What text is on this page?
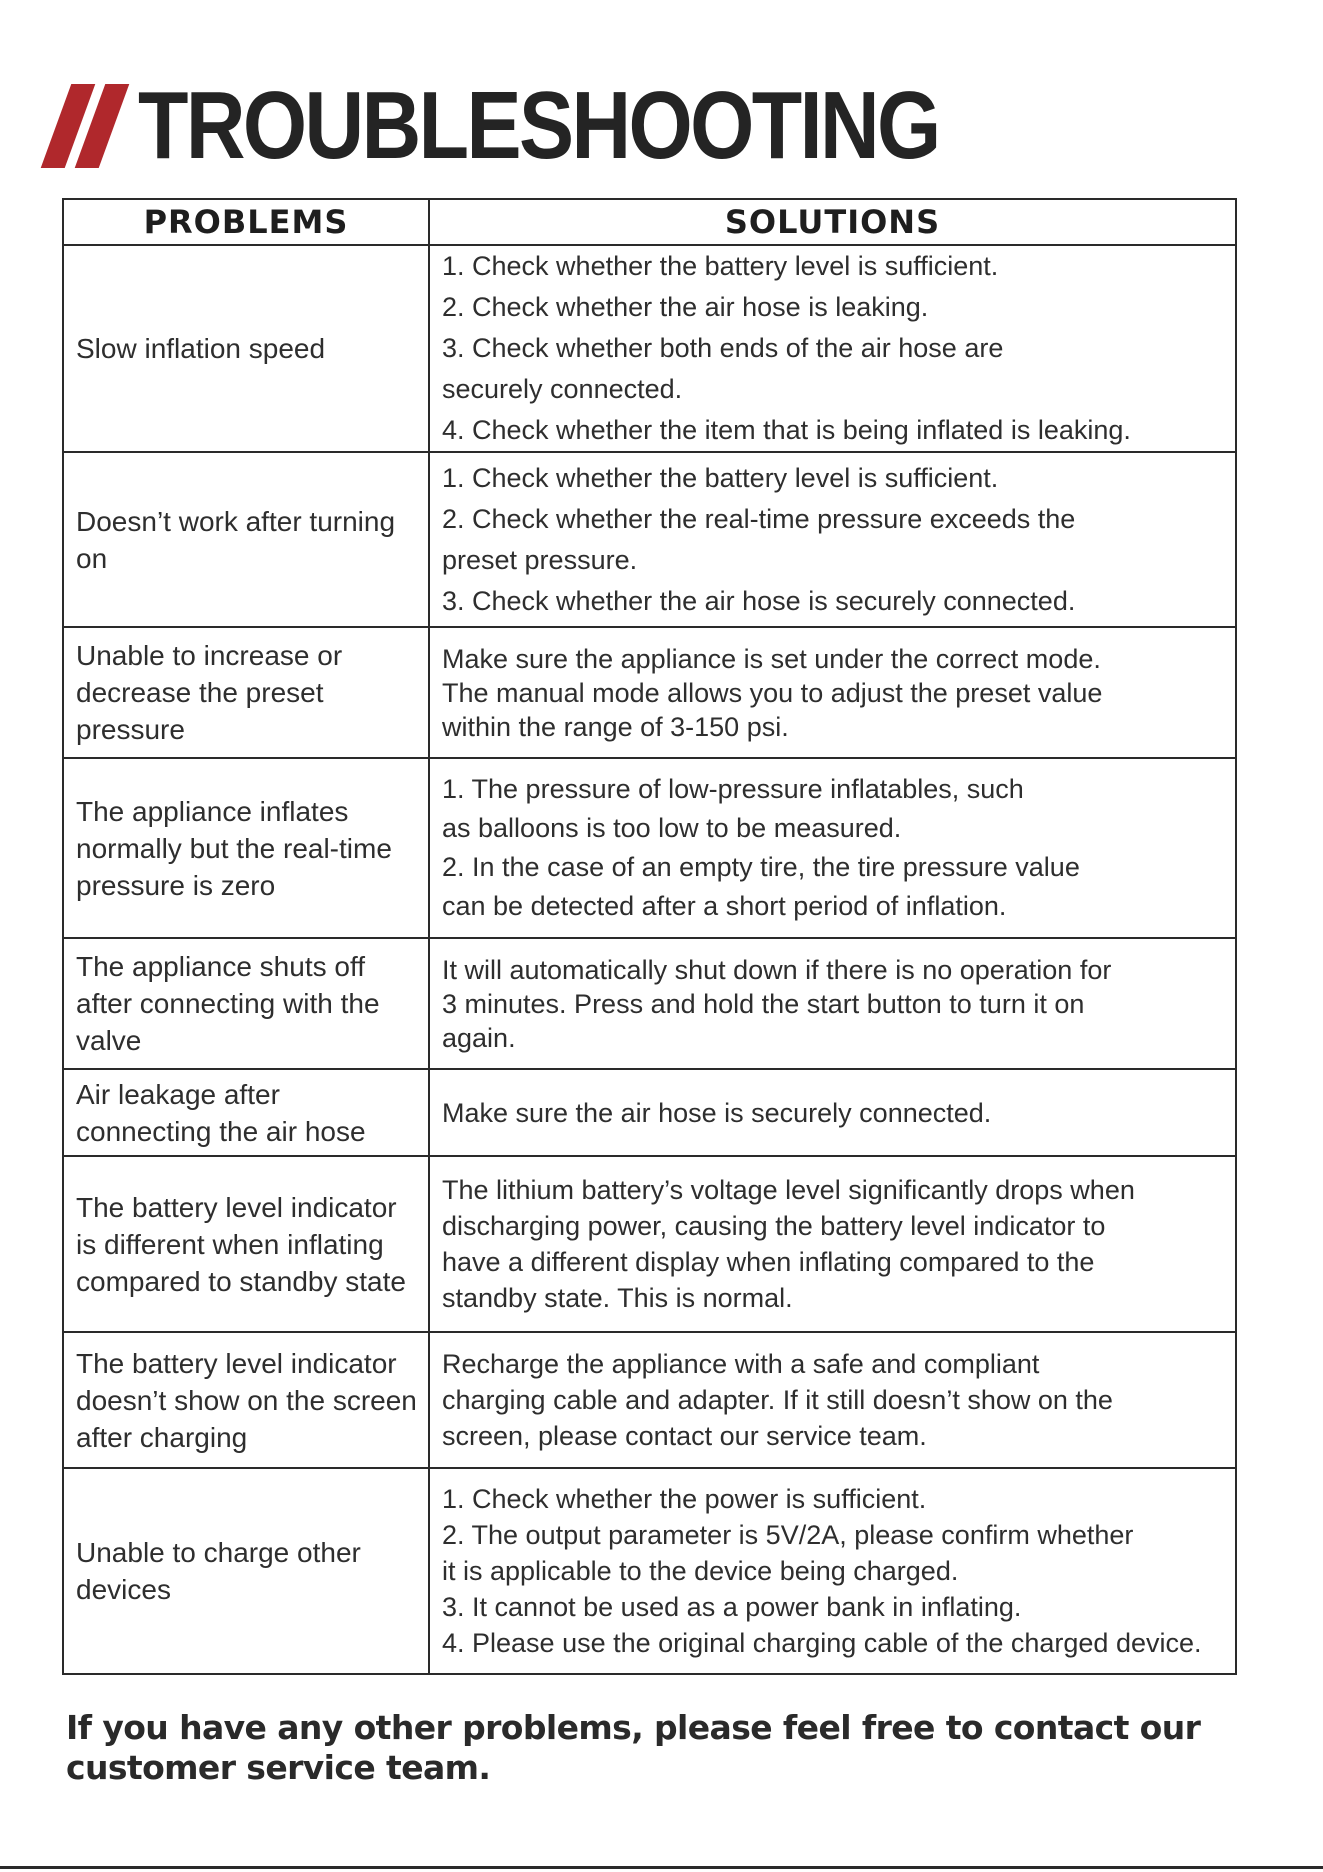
TROUBLESHOOTING
PROBLEMS	SOLUTIONS
Slow inflation speed	1. Check whether the battery level is sufficient.
2. Check whether the air hose is leaking.
3. Check whether both ends of the air hose are
securely connected.
4. Check whether the item that is being inflated is leaking.

Doesn’t work after turning on	1. Check whether the battery level is sufficient.
2. Check whether the real-time pressure exceeds the
preset pressure.
3. Check whether the air hose is securely connected.

Unable to increase or decrease the preset pressure	Make sure the appliance is set under the correct mode.
The manual mode allows you to adjust the preset value
within the range of 3-150 psi.

The appliance inflates normally but the real-time pressure is zero	1. The pressure of low-pressure inflatables, such
as balloons is too low to be measured.
2. In the case of an empty tire, the tire pressure value
can be detected after a short period of inflation.

The appliance shuts off after connecting with the valve	It will automatically shut down if there is no operation for
3 minutes. Press and hold the start button to turn it on
again.

Air leakage after connecting the air hose	Make sure the air hose is securely connected.

The battery level indicator is different when inflating compared to standby state	The lithium battery’s voltage level significantly drops when
discharging power, causing the battery level indicator to
have a different display when inflating compared to the
standby state. This is normal.

The battery level indicator doesn’t show on the screen after charging	Recharge the appliance with a safe and compliant
charging cable and adapter. If it still doesn’t show on the
screen, please contact our service team.

Unable to charge other devices	1. Check whether the power is sufficient.
2. The output parameter is 5V/2A, please confirm whether
it is applicable to the device being charged.
3. It cannot be used as a power bank in inflating.
4. Please use the original charging cable of the charged device.
If you have any other problems, please feel free to contact our customer service team.
